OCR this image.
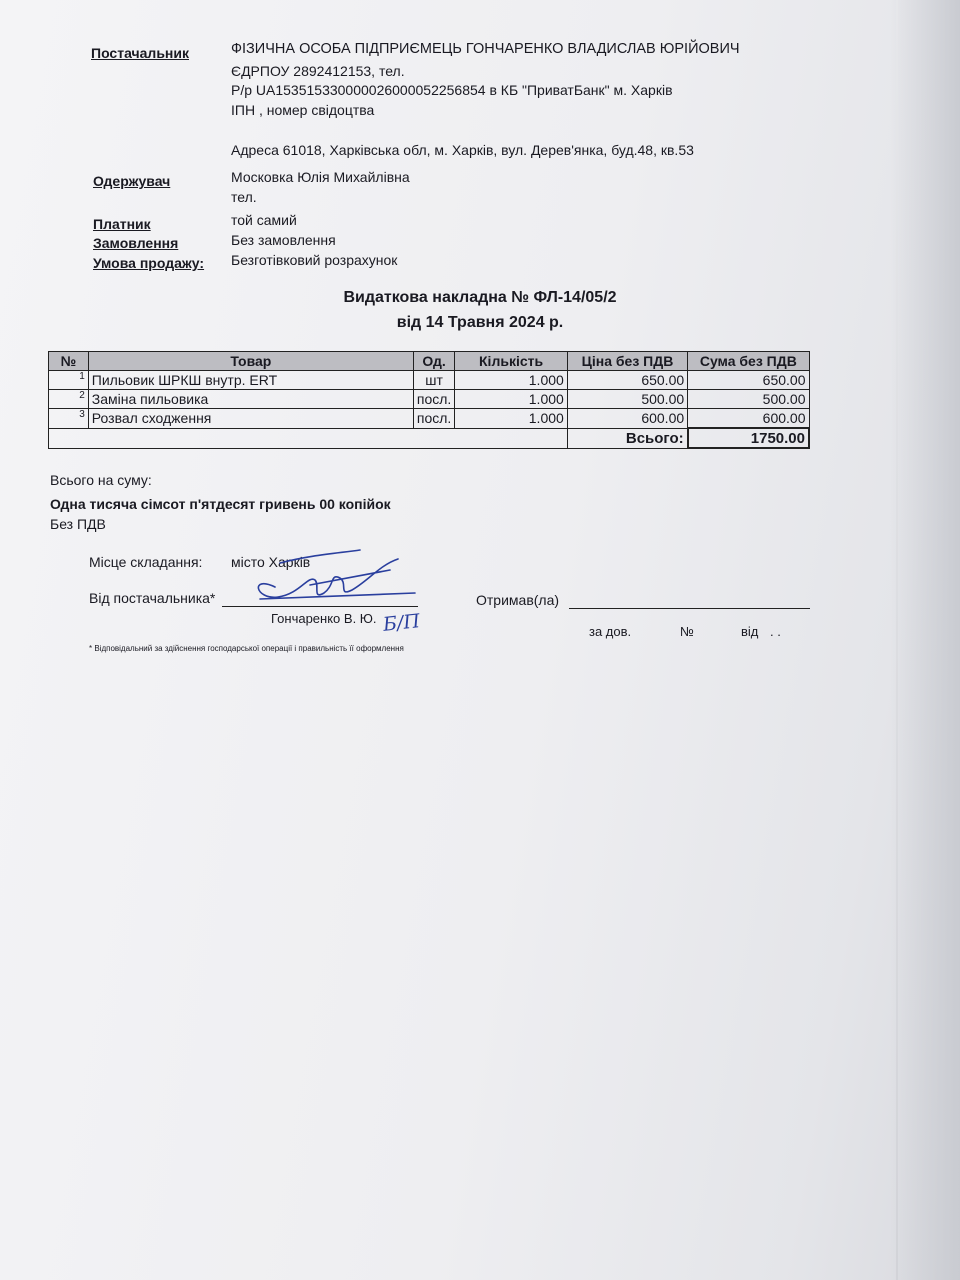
Постачальник	ФІЗИЧНА ОСОБА ПІДПРИЄМЕЦЬ ГОНЧАРЕНКО ВЛАДИСЛАВ ЮРІЙОВИЧ
ЄДРПОУ 2892412153, тел.
Р/р UA153515330000026000052256854 в КБ "ПриватБанк" м. Харків
ІПН , номер свідоцтва
Адреса 61018, Харківська обл, м. Харків, вул. Дерев'янка, буд.48, кв.53
Одержувач	Московка Юлія Михайлівна
тел.
Платник	той самий
Замовлення	Без замовлення
Умова продажу: Безготівковий розрахунок
Видаткова накладна № ФЛ-14/05/2
від 14 Травня 2024 р.
№	Товар	Од.	Кількість	Ціна без ПДВ	Сума без ПДВ
1	Пильовик ШРКШ внутр. ERT	шт	1.000	650.00	650.00
2	Заміна пильовика	посл.	1.000	500.00	500.00
3	Розвал сходження	посл.	1.000	600.00	600.00
				Всього:	1750.00
Всього на суму:
Одна тисяча сімсот п'ятдесят гривень 00 копійок
Без ПДВ
Місце складання: місто Харків
Від постачальника*
Гончаренко В. Ю. Б/П
Отримав(ла)
за дов.	№	від . .
* Відповідальний за здійснення господарської операції і правильність її оформлення
